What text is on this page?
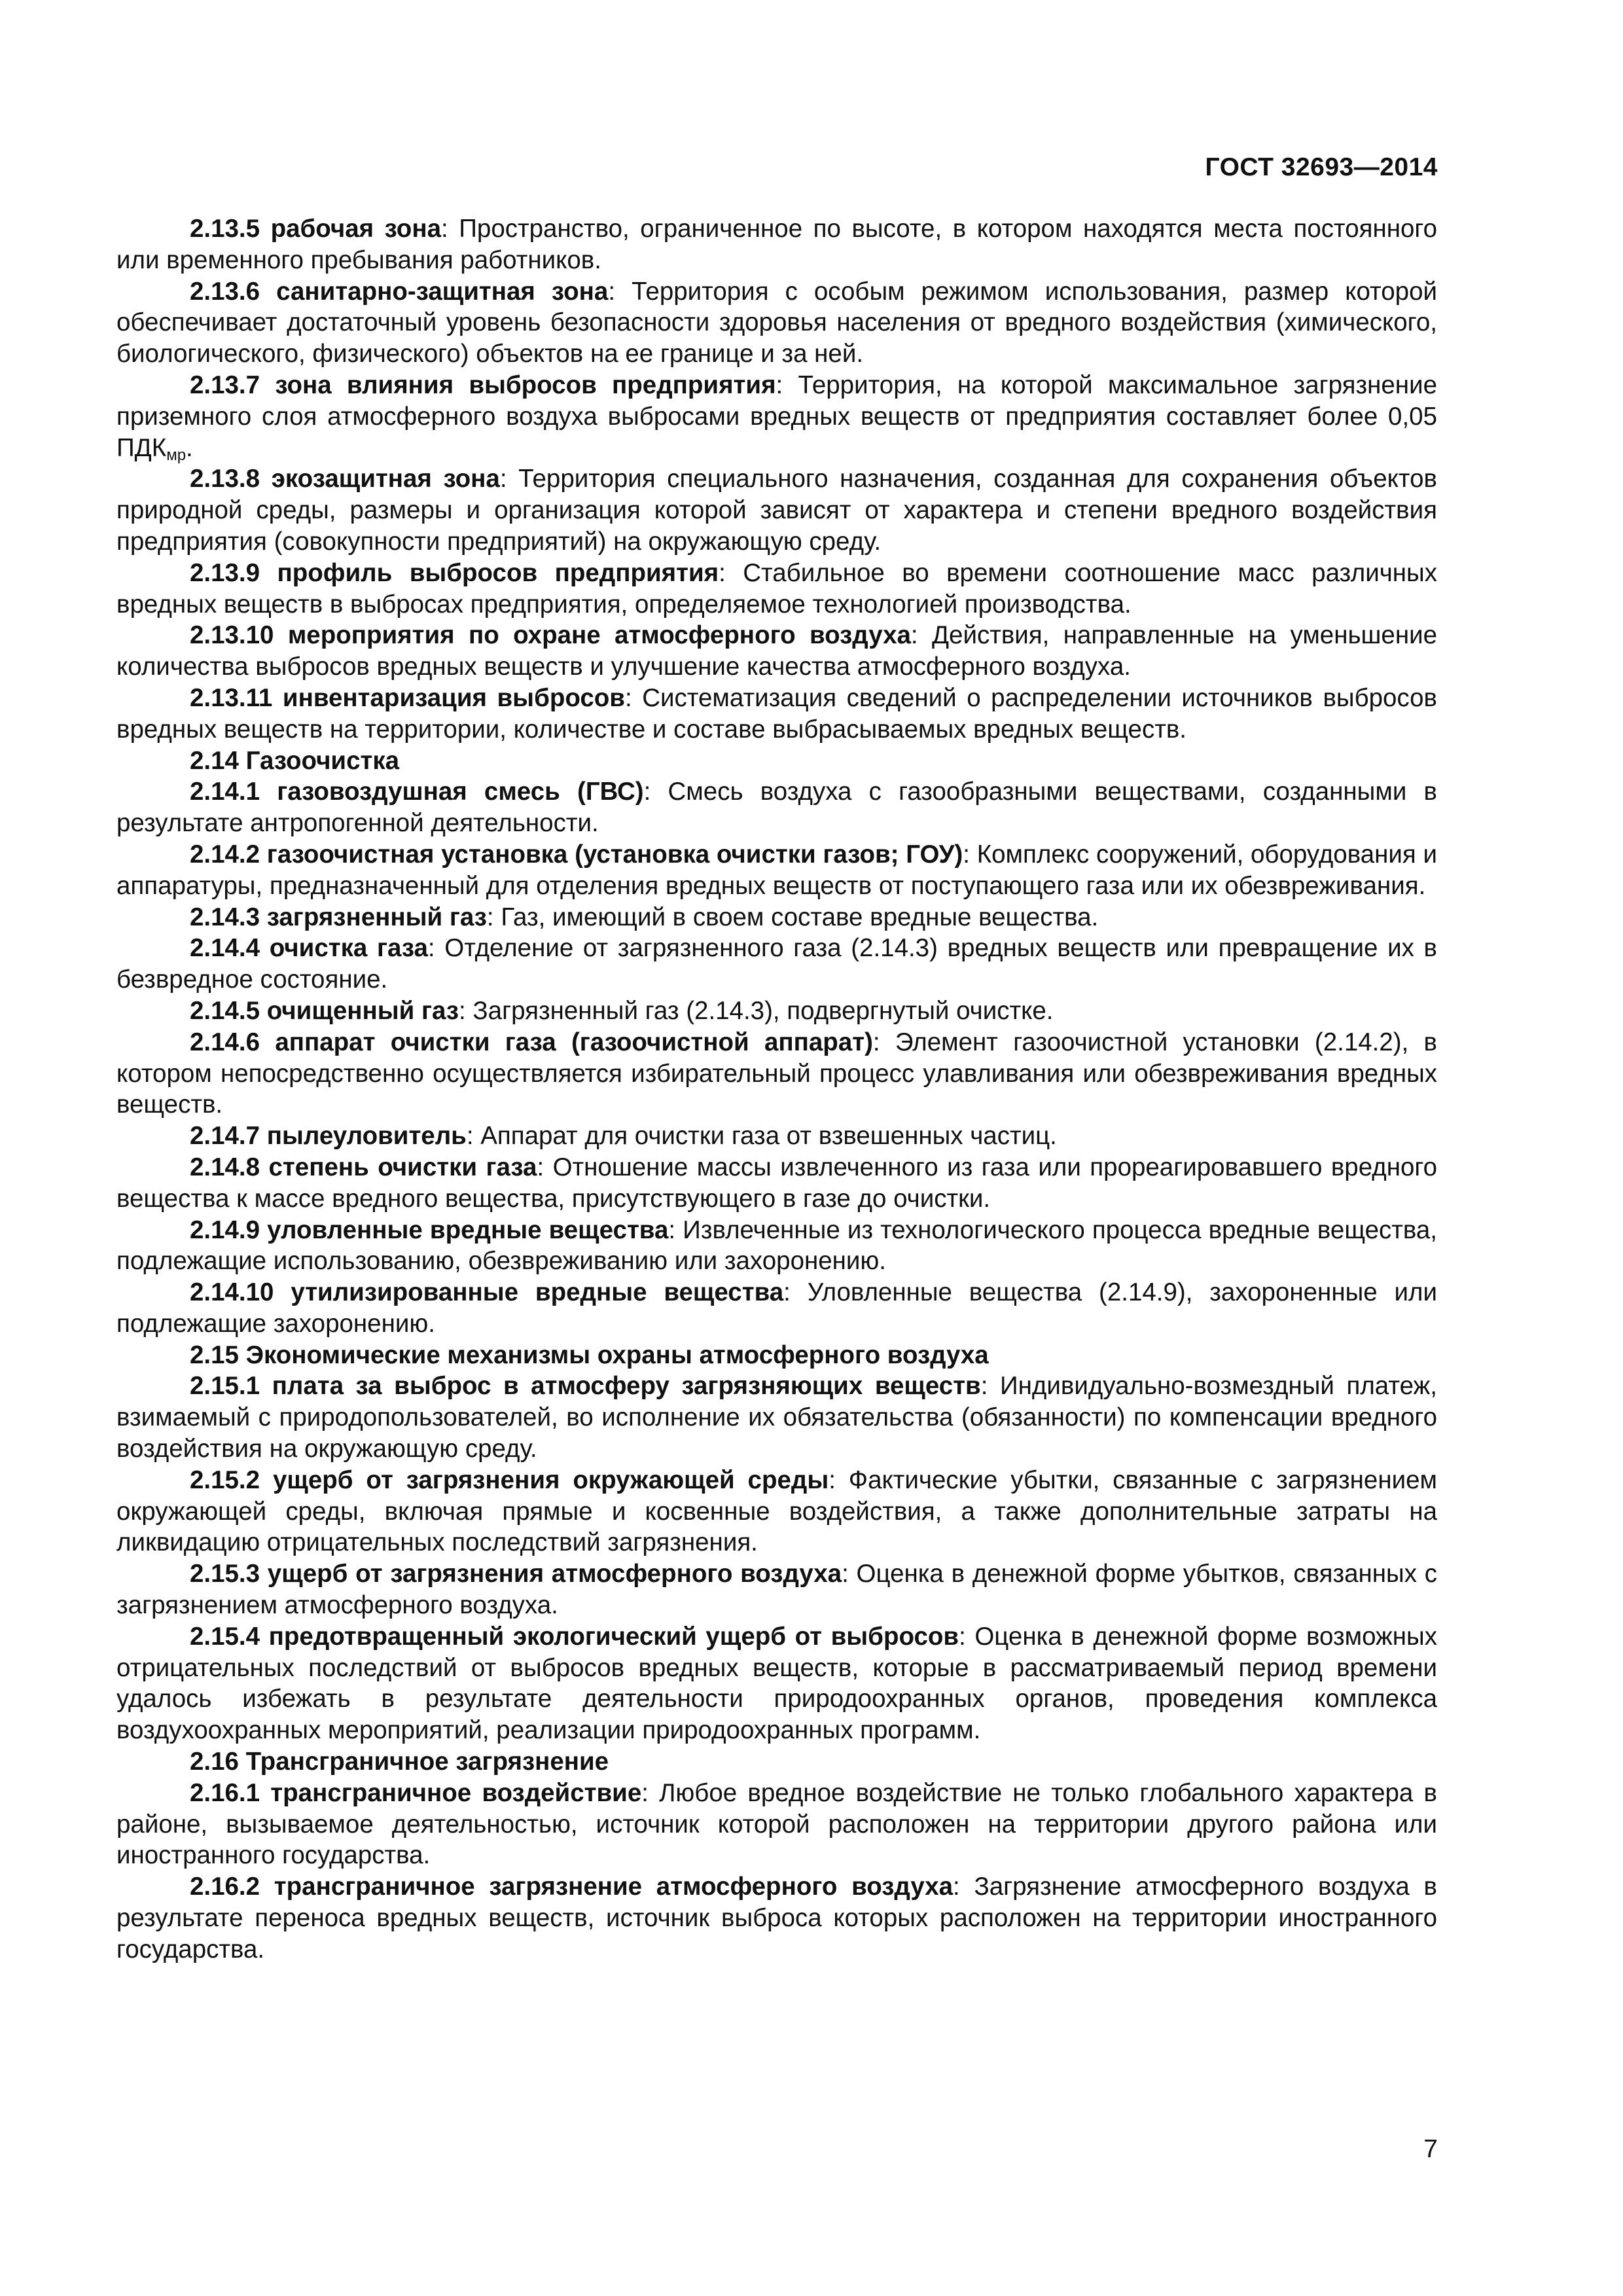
ГОСТ 32693—2014

2.13.5 рабочая зона: Пространство, ограниченное по высоте, в котором находятся места постоянного или временного пребывания работников.

2.13.6 санитарно-защитная зона: Территория с особым режимом использования, размер которой обеспечивает достаточный уровень безопасности здоровья населения от вредного воздействия (химического, биологического, физического) объектов на ее границе и за ней.

2.13.7 зона влияния выбросов предприятия: Территория, на которой максимальное загрязнение приземного слоя атмосферного воздуха выбросами вредных веществ от предприятия составляет более 0,05 $ПДК_{мр}$.

2.13.8 экозащитная зона: Территория специального назначения, созданная для сохранения объектов природной среды, размеры и организация которой зависят от характера и степени вредного воздействия предприятия (совокупности предприятий) на окружающую среду.

2.13.9 профиль выбросов предприятия: Стабильное во времени соотношение масс различных вредных веществ в выбросах предприятия, определяемое технологией производства.

2.13.10 мероприятия по охране атмосферного воздуха: Действия, направленные на уменьшение количества выбросов вредных веществ и улучшение качества атмосферного воздуха.

2.13.11 инвентаризация выбросов: Систематизация сведений о распределении источников выбросов вредных веществ на территории, количестве и составе выбрасываемых вредных веществ.

2.14 Газоочистка

2.14.1 газовоздушная смесь (ГВС): Смесь воздуха с газообразными веществами, созданными в результате антропогенной деятельности.

2.14.2 газоочистная установка (установка очистки газов; ГОУ): Комплекс сооружений, оборудования и аппаратуры, предназначенный для отделения вредных веществ от поступающего газа или их обезвреживания.

2.14.3 загрязненный газ: Газ, имеющий в своем составе вредные вещества.

2.14.4 очистка газа: Отделение от загрязненного газа (2.14.3) вредных веществ или превращение их в безвредное состояние.

2.14.5 очищенный газ: Загрязненный газ (2.14.3), подвергнутый очистке.

2.14.6 аппарат очистки газа (газоочистной аппарат): Элемент газоочистной установки (2.14.2), в котором непосредственно осуществляется избирательный процесс улавливания или обезвреживания вредных веществ.

2.14.7 пылеуловитель: Аппарат для очистки газа от взвешенных частиц.

2.14.8 степень очистки газа: Отношение массы извлеченного из газа или прореагировавшего вредного вещества к массе вредного вещества, присутствующего в газе до очистки.

2.14.9 уловленные вредные вещества: Извлеченные из технологического процесса вредные вещества, подлежащие использованию, обезвреживанию или захоронению.

2.14.10 утилизированные вредные вещества: Уловленные вещества (2.14.9), захороненные или подлежащие захоронению.

2.15 Экономические механизмы охраны атмосферного воздуха

2.15.1 плата за выброс в атмосферу загрязняющих веществ: Индивидуально-возмездный платеж, взимаемый с природопользователей, во исполнение их обязательства (обязанности) по компенсации вредного воздействия на окружающую среду.

2.15.2 ущерб от загрязнения окружающей среды: Фактические убытки, связанные с загрязнением окружающей среды, включая прямые и косвенные воздействия, а также дополнительные затраты на ликвидацию отрицательных последствий загрязнения.

2.15.3 ущерб от загрязнения атмосферного воздуха: Оценка в денежной форме убытков, связанных с загрязнением атмосферного воздуха.

2.15.4 предотвращенный экологический ущерб от выбросов: Оценка в денежной форме возможных отрицательных последствий от выбросов вредных веществ, которые в рассматриваемый период времени удалось избежать в результате деятельности природоохранных органов, проведения комплекса воздухоохранных мероприятий, реализации природоохранных программ.

2.16 Трансграничное загрязнение

2.16.1 трансграничное воздействие: Любое вредное воздействие не только глобального характера в районе, вызываемое деятельностью, источник которой расположен на территории другого района или иностранного государства.

2.16.2 трансграничное загрязнение атмосферного воздуха: Загрязнение атмосферного воздуха в результате переноса вредных веществ, источник выброса которых расположен на территории иностранного государства.

7
